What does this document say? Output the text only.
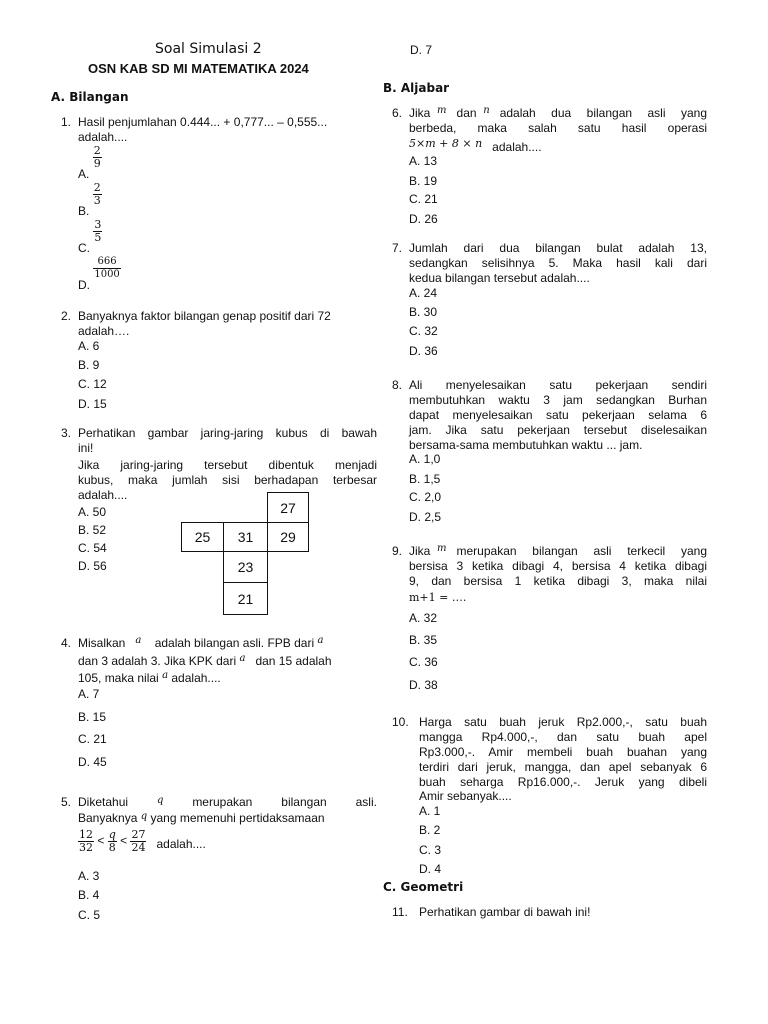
Soal Simulasi 2
OSN KAB SD MI MATEMATIKA 2024
A. Bilangan
1. Hasil penjumlahan 0.444... + 0,777... – 0,555...
adalah....
A.
$\frac{2}{9}$
B.
$\frac{2}{3}$
C.
$\frac{3}{5}$
D.
$\frac{666}{1000}$
2. Banyaknya faktor bilangan genap positif dari 72
adalah….
A. 6
B. 9
C. 12
D. 15
3. Perhatikan gambar jaring-jaring kubus di bawah
ini!
Jika jaring-jaring tersebut dibentuk menjadi
kubus, maka jumlah sisi berhadapan terbesar
adalah....
A. 50
B. 52
C. 54
D. 56
27
25	31	29
23
21
4. Misalkan $^a$ adalah bilangan asli. FPB dari $^a$
dan 3 adalah 3. Jika KPK dari $^a$ dan 15 adalah
105, maka nilai $^a$ adalah....
A. 7
B. 15
C. 21
D. 45
5. Diketahui	q merupakan bilangan asli.
Banyaknya $^q$ yang memenuhi pertidaksamaan
$\frac{12}{32} < \frac{q}{8} < \frac{27}{24}$ adalah....
A. 3
B. 4
C. 5
D. 7
B. Aljabar
6. Jika
m
dan
n
adalah dua bilangan asli yang
berbeda, maka salah satu hasil operasi
5×m + 8 × n adalah....
A. 13
B. 19
C. 21
D. 26
7. Jumlah dari dua bilangan bulat adalah 13,
sedangkan selisihnya 5. Maka hasil kali dari
kedua bilangan tersebut adalah....
A. 24
B. 30
C. 32
D. 36
8. Ali menyelesaikan satu pekerjaan sendiri
membutuhkan waktu 3 jam sedangkan Burhan
dapat menyelesaikan satu pekerjaan selama 6
jam. Jika satu pekerjaan tersebut diselesaikan
bersama-sama membutuhkan waktu ... jam.
A. 1,0
B. 1,5
C. 2,0
D. 2,5
9. Jika
m
merupakan bilangan asli terkecil yang
bersisa 3 ketika dibagi 4, bersisa 4 ketika dibagi
9, dan bersisa 1 ketika dibagi 3, maka nilai
m+1 = ….
A. 32
B. 35
C. 36
D. 38
10. Harga satu buah jeruk Rp2.000,-, satu buah
mangga Rp4.000,-, dan satu buah apel
Rp3.000,-. Amir membeli buah buahan yang
terdiri dari jeruk, mangga, dan apel sebanyak 6
buah seharga Rp16.000,-. Jeruk yang dibeli
Amir sebanyak....
A. 1
B. 2
C. 3
D. 4
C. Geometri
11. Perhatikan gambar di bawah ini!
